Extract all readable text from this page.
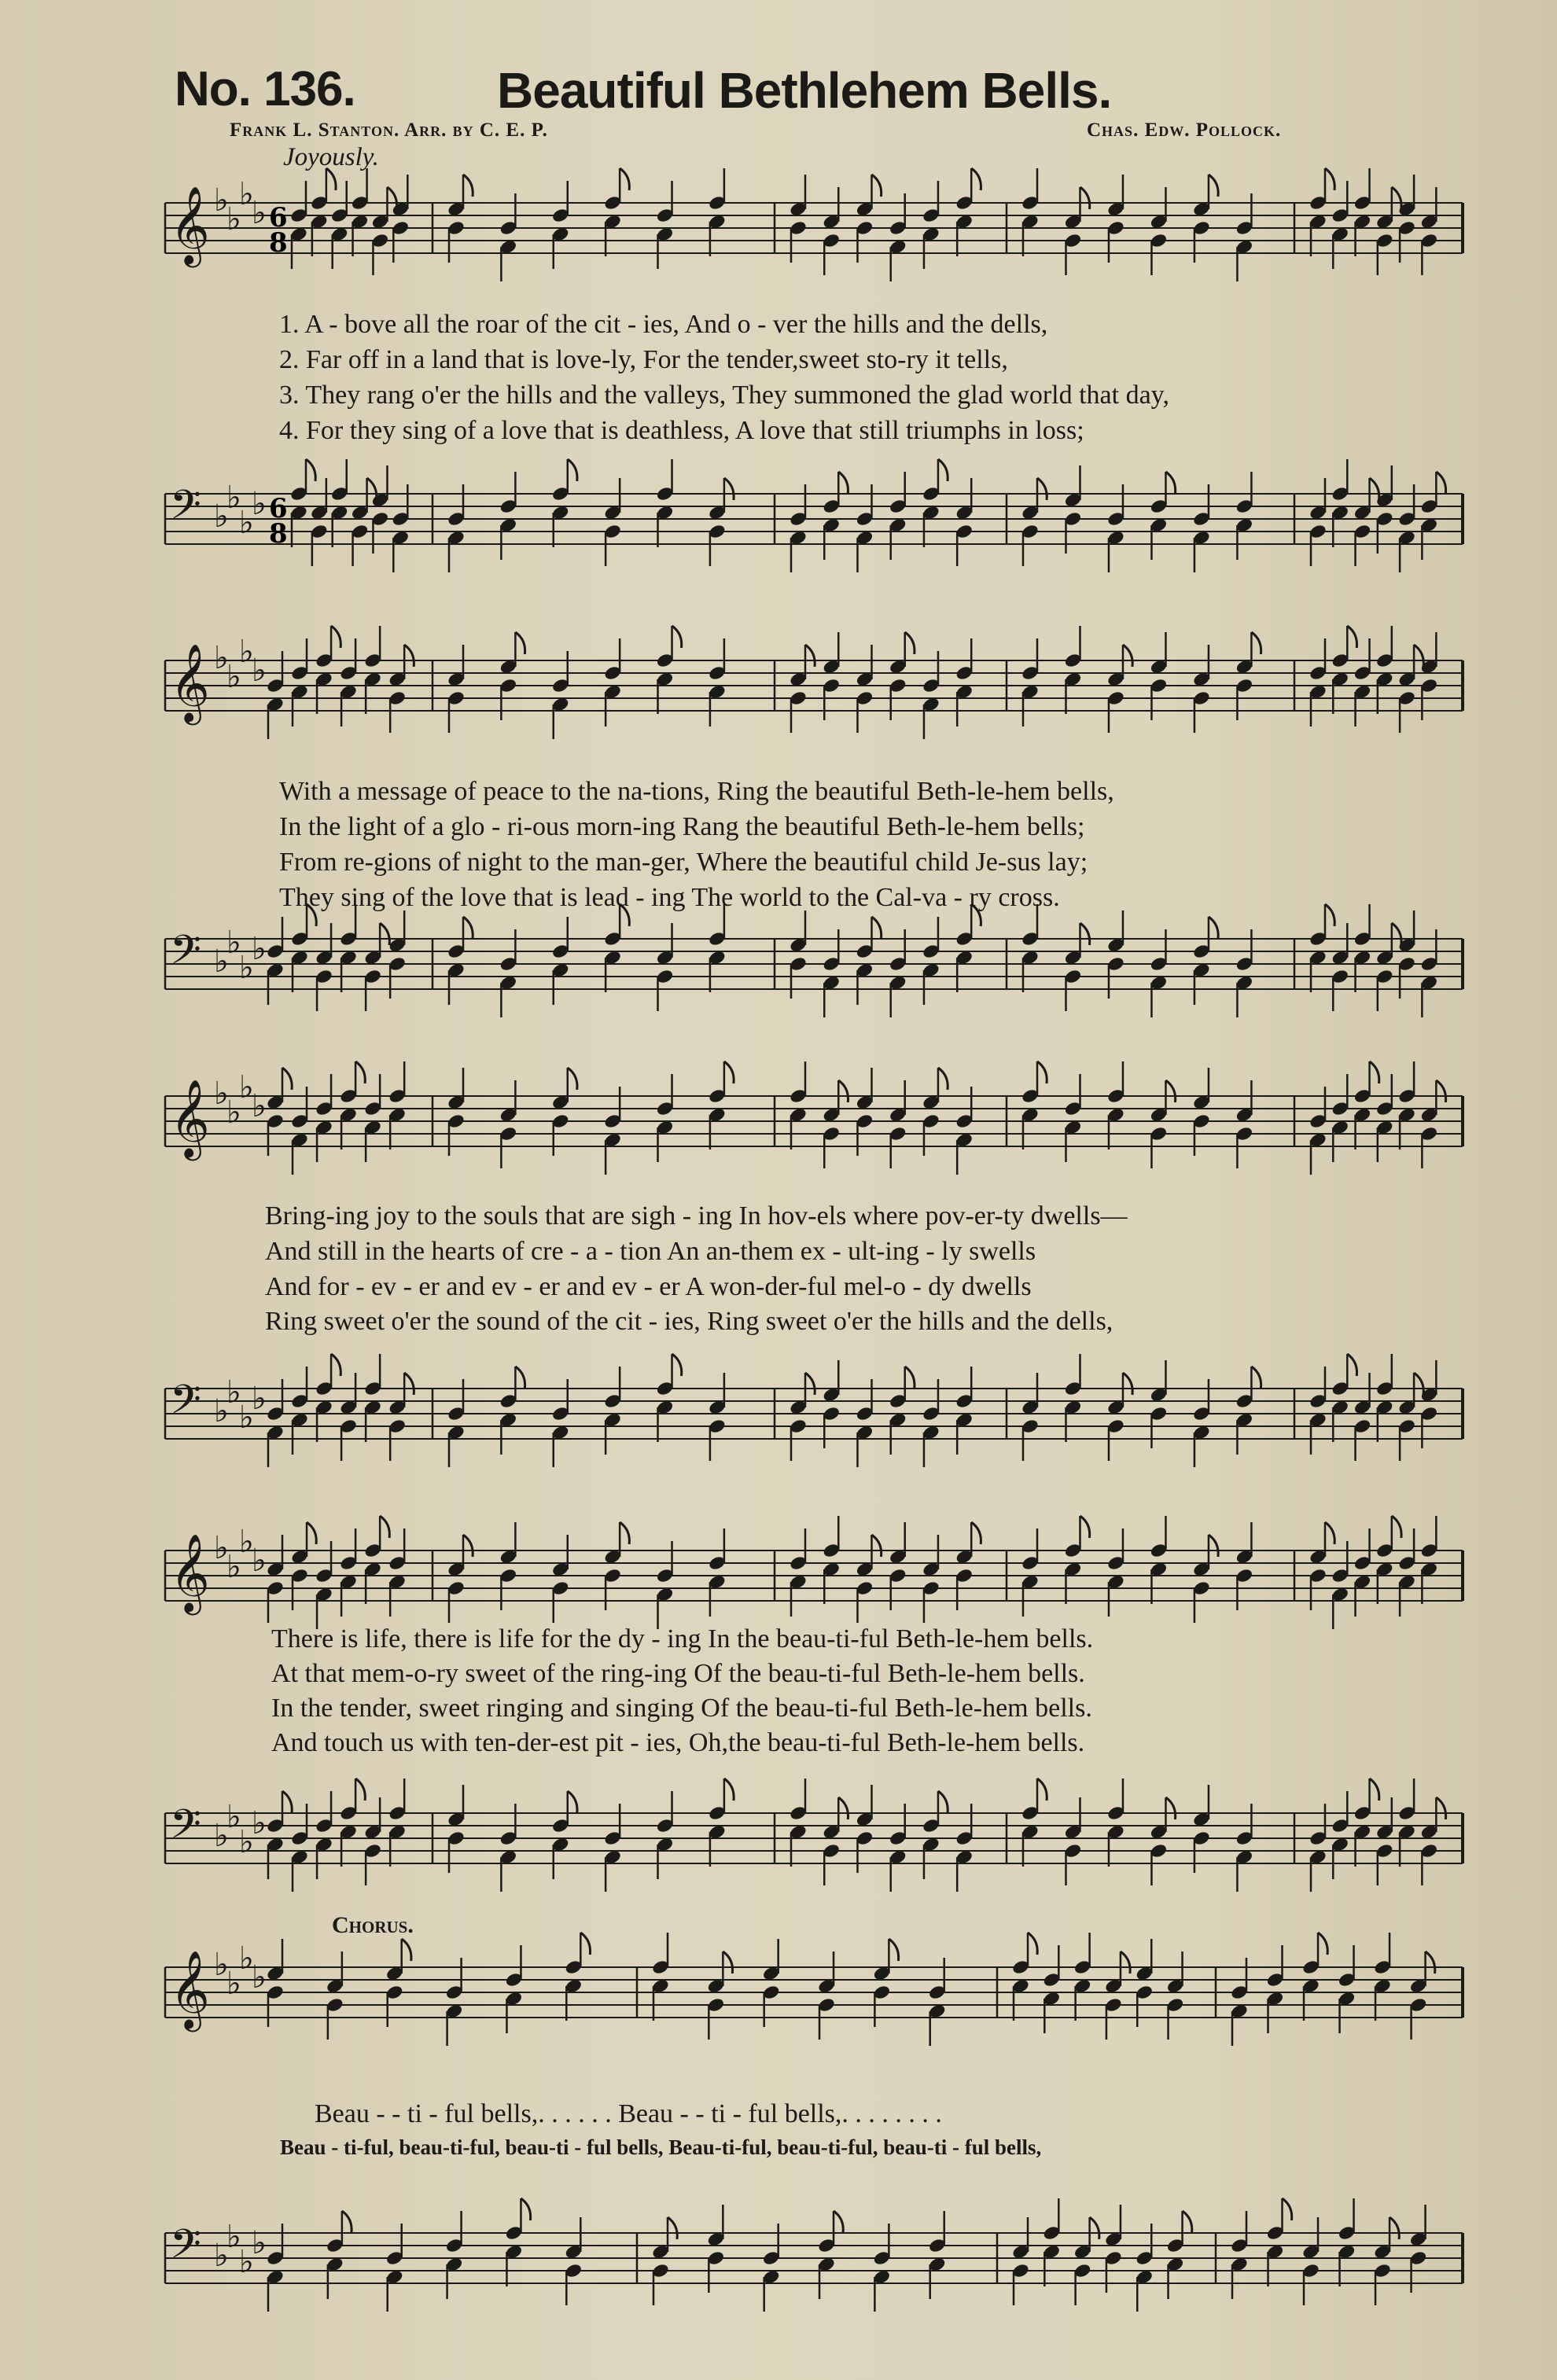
No. 136.	Beautiful Bethlehem Bells.
Frank L. Stanton. Arr. by C. E. P.	Chas. Edw. Pollock.
Joyously.
𝄞 ♭
♭
♭
♭ 6
8
1. A - bove all the roar of the cit - ies, And o - ver the hills and the dells,
2. Far off in a land that is love-ly, For the tender,sweet sto-ry it tells,
3. They rang o'er the hills and the valleys, They summoned the glad world that day,
4. For they sing of a love that is deathless, A love that still triumphs in loss;
𝄢 ♭
♭
♭
♭ 6
8
𝄞 ♭
♭
♭
♭
With a message of peace to the na-tions, Ring the beautiful Beth-le-hem bells,
In the light of a glo - ri-ous morn-ing Rang the beautiful Beth-le-hem bells;
From re-gions of night to the man-ger, Where the beautiful child Je-sus lay;
They sing of the love that is lead - ing The world to the Cal-va - ry cross.
𝄢 ♭
♭
♭
♭
𝄞 ♭
♭
♭
♭
Bring-ing joy to the souls that are sigh - ing In hov-els where pov-er-ty dwells—
And still in the hearts of cre - a - tion An an-them ex - ult-ing - ly swells
And for - ev - er and ev - er and ev - er A won-der-ful mel-o - dy dwells
Ring sweet o'er the sound of the cit - ies, Ring sweet o'er the hills and the dells,
𝄢 ♭
♭
♭
♭
𝄞 ♭
♭
♭
♭
There is life, there is life for the dy - ing In the beau-ti-ful Beth-le-hem bells.
At that mem-o-ry sweet of the ring-ing Of the beau-ti-ful Beth-le-hem bells.
In the tender, sweet ringing and singing Of the beau-ti-ful Beth-le-hem bells.
And touch us with ten-der-est pit - ies, Oh,the beau-ti-ful Beth-le-hem bells.
𝄢 ♭
♭
♭
♭
Chorus.
𝄞 ♭
♭
♭
♭
Beau - - ti - ful bells,. . . . . . Beau - - ti - ful bells,. . . . . . . .
Beau - ti-ful, beau-ti-ful, beau-ti - ful bells, Beau-ti-ful, beau-ti-ful, beau-ti - ful bells,
𝄢 ♭
♭
♭
♭
